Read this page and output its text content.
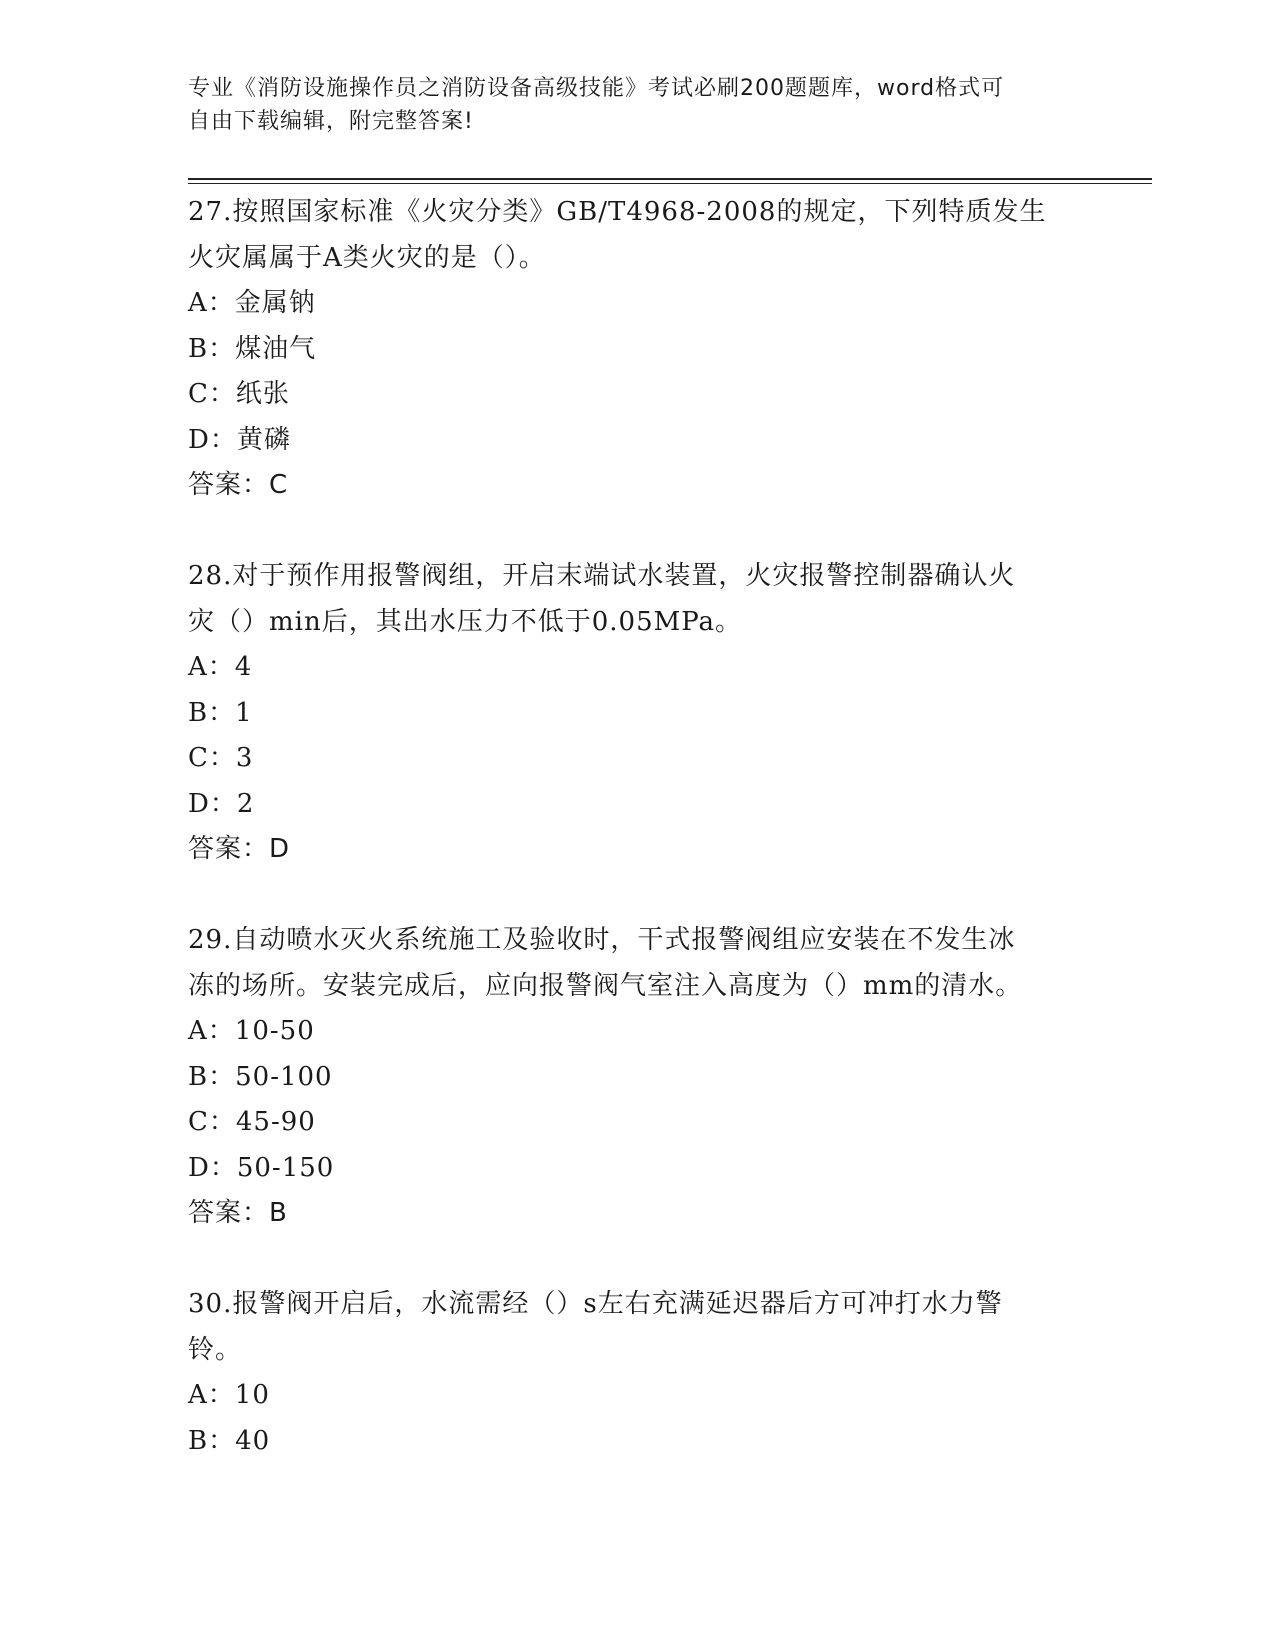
专业《消防设施操作员之消防设备高级技能》考试必刷200题题库，word格式可
自由下载编辑，附完整答案!
27.按照国家标准《火灾分类》GB/T4968-2008的规定，下列特质发生
火灾属属于A类火灾的是（）。
A：金属钠
B：煤油气
C：纸张
D：黄磷
答案：C
28.对于预作用报警阀组，开启末端试水装置，火灾报警控制器确认火
灾（）min后，其出水压力不低于0.05MPa。
A：4
B：1
C：3
D：2
答案：D
29.自动喷水灭火系统施工及验收时，干式报警阀组应安装在不发生冰
冻的场所。安装完成后，应向报警阀气室注入高度为（）mm的清水。
A：10-50
B：50-100
C：45-90
D：50-150
答案：B
30.报警阀开启后，水流需经（）s左右充满延迟器后方可冲打水力警
铃。
A：10
B：40
